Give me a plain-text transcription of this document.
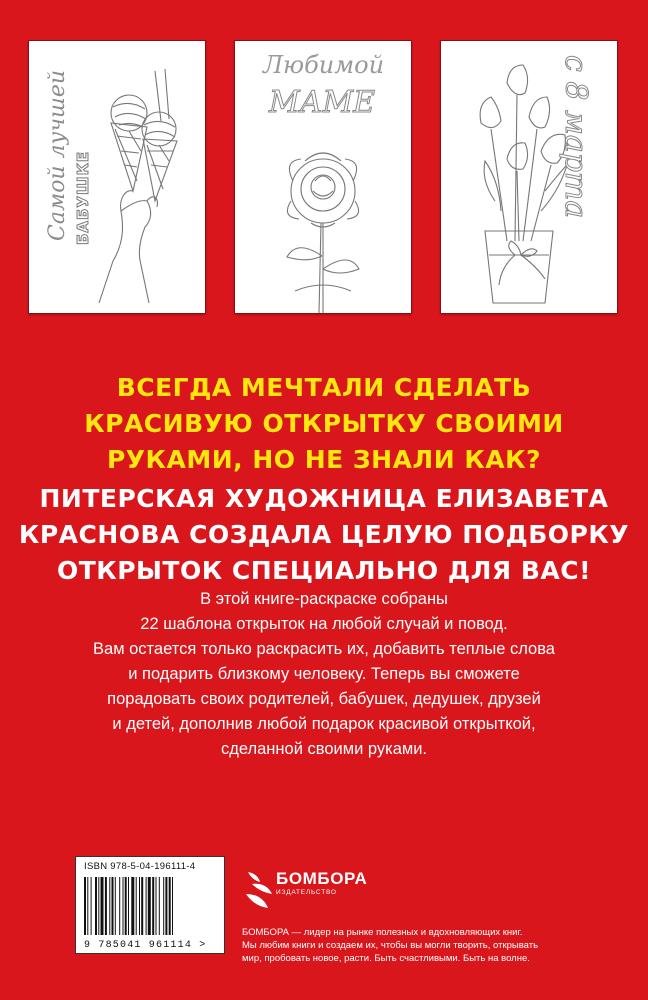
Самой лучшей БАБУШКЕ
Любимой
МАМЕ	с 8 марта
ВСЕГДА МЕЧТАЛИ СДЕЛАТЬ
КРАСИВУЮ ОТКРЫТКУ СВОИМИ
РУКАМИ, НО НЕ ЗНАЛИ КАК?
ПИТЕРСКАЯ ХУДОЖНИЦА ЕЛИЗАВЕТА
КРАСНОВА СОЗДАЛА ЦЕЛУЮ ПОДБОРКУ
ОТКРЫТОК СПЕЦИАЛЬНО ДЛЯ ВАС!
В этой книге-раскраске собраны
22 шаблона открыток на любой случай и повод.
Вам остается только раскрасить их, добавить теплые слова
и подарить близкому человеку. Теперь вы сможете
порадовать своих родителей, бабушек, дедушек, друзей
и детей, дополнив любой подарок красивой открыткой,
сделанной своими руками.
ISBN 978-5-04-196111-4
9 785041 961114 >
БОМБОРА
ИЗДАТЕЛЬСТВО
БОМБОРА — лидер на рынке полезных и вдохновляющих книг.
Мы любим книги и создаем их, чтобы вы могли творить, открывать
мир, пробовать новое, расти. Быть счастливыми. Быть на волне.
